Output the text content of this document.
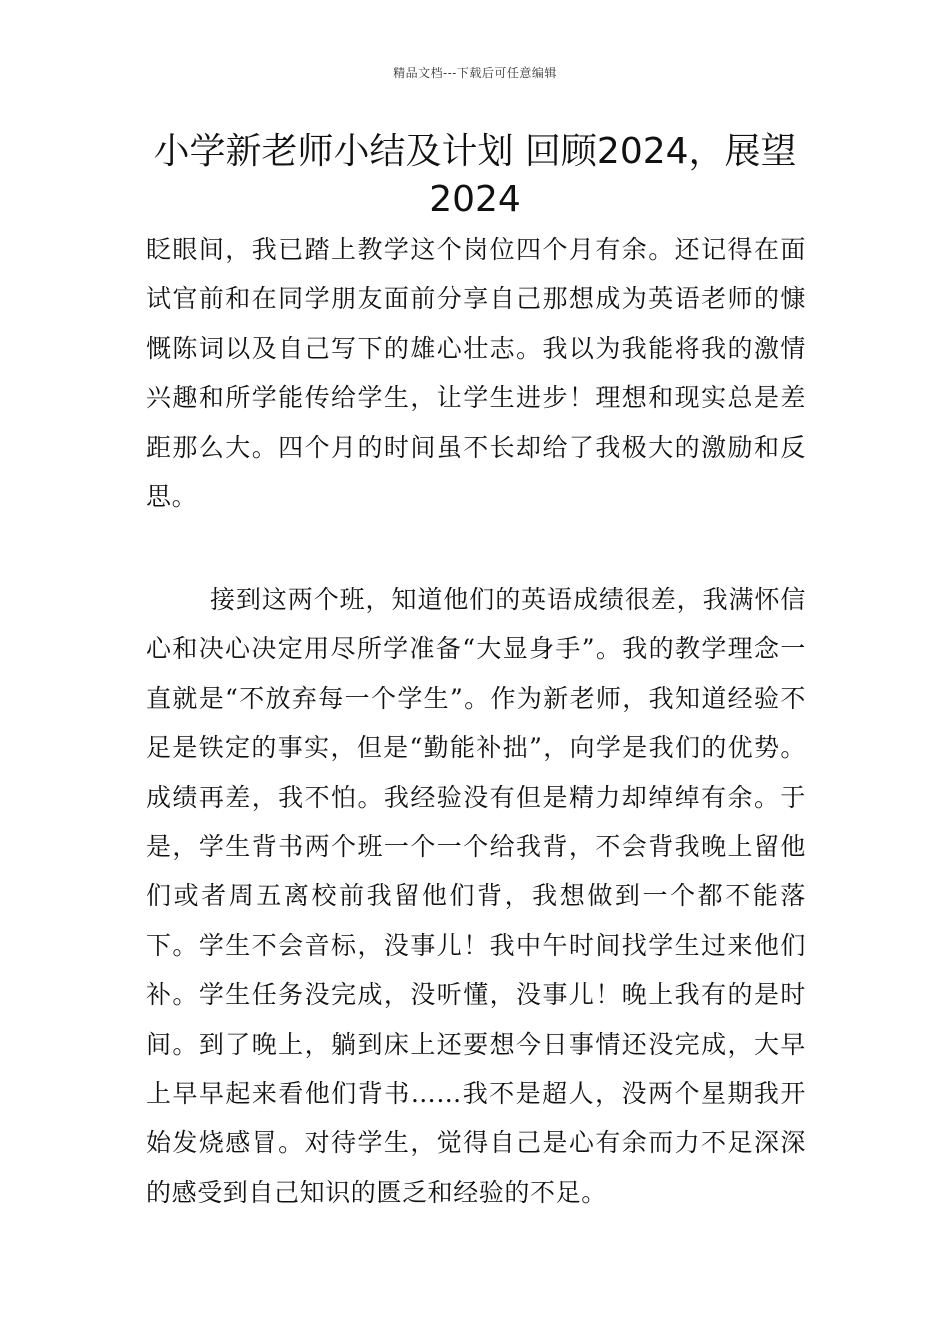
精品文档---下载后可任意编辑
小学新老师小结及计划 回顾2024，展望2024

眨眼间，我已踏上教学这个岗位四个月有余。还记得在面试官前和在同学朋友面前分享自己那想成为英语老师的慷慨陈词以及自己写下的雄心壮志。我以为我能将我的激情兴趣和所学能传给学生，让学生进步！理想和现实总是差距那么大。四个月的时间虽不长却给了我极大的激励和反思。

接到这两个班，知道他们的英语成绩很差，我满怀信心和决心决定用尽所学准备“大显身手”。我的教学理念一直就是“不放弃每一个学生”。作为新老师，我知道经验不足是铁定的事实，但是“勤能补拙”，向学是我们的优势。成绩再差，我不怕。我经验没有但是精力却绰绰有余。于是，学生背书两个班一个一个给我背，不会背我晚上留他们或者周五离校前我留他们背，我想做到一个都不能落下。学生不会音标，没事儿！我中午时间找学生过来他们补。学生任务没完成，没听懂，没事儿！晚上我有的是时间。到了晚上，躺到床上还要想今日事情还没完成，大早上早早起来看他们背书……我不是超人，没两个星期我开始发烧感冒。对待学生，觉得自己是心有余而力不足深深的感受到自己知识的匮乏和经验的不足。
